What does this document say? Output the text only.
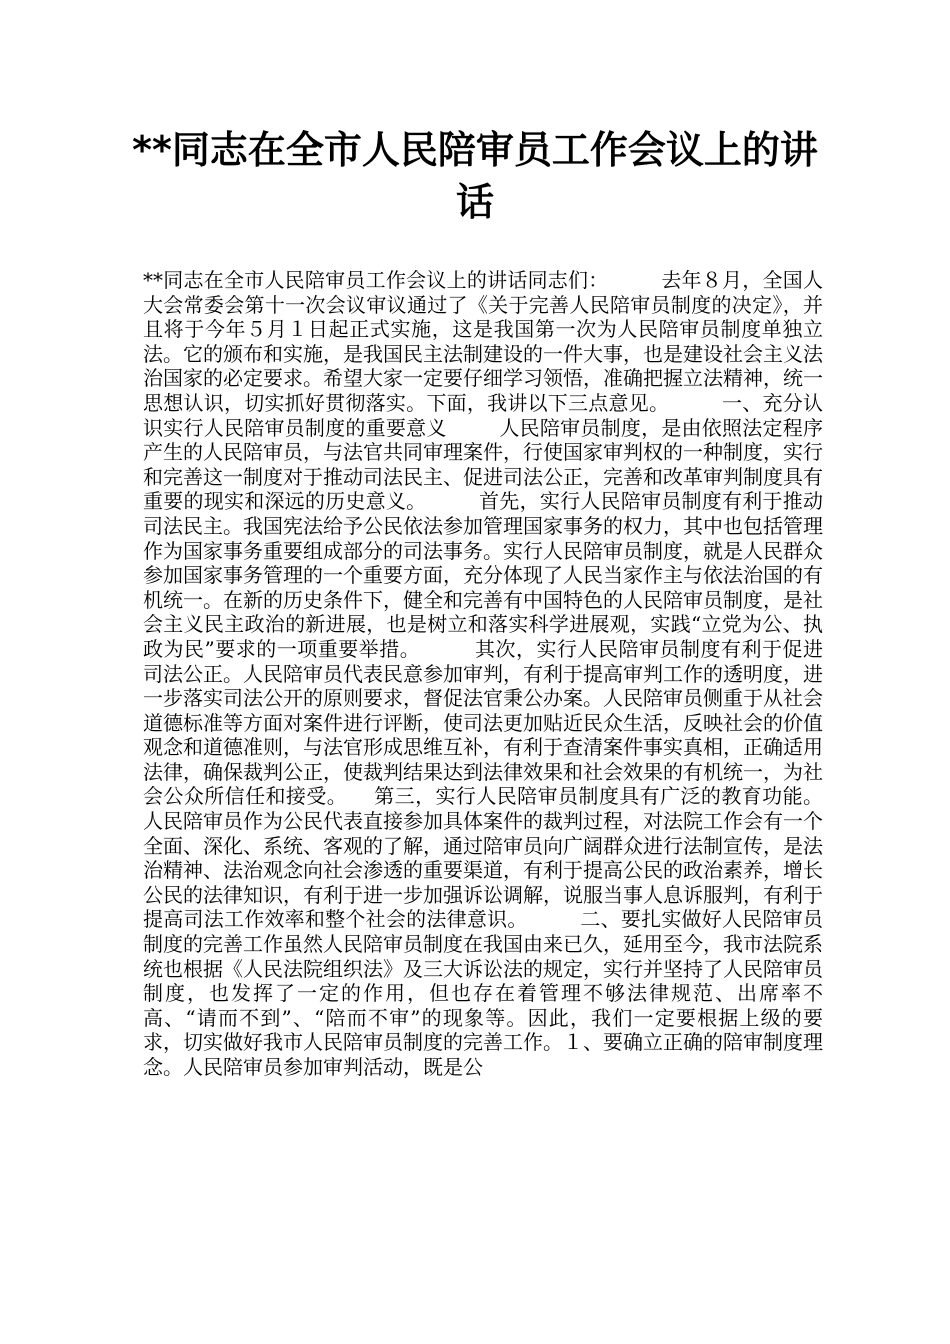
**同志在全市人民陪审员工作会议上的讲话
**同志在全市人民陪审员工作会议上的讲话同志们：        去年８月，全国人大会常委会第十一次会议审议通过了《关于完善人民陪审员制度的决定》，并且将于今年５月１日起正式实施，这是我国第一次为人民陪审员制度单独立法。它的颁布和实施，是我国民主法制建设的一件大事，也是建设社会主义法治国家的必定要求。希望大家一定要仔细学习领悟，准确把握立法精神，统一思想认识，切实抓好贯彻落实。下面，我讲以下三点意见。        一、充分认识实行人民陪审员制度的重要意义        人民陪审员制度，是由依照法定程序产生的人民陪审员，与法官共同审理案件，行使国家审判权的一种制度，实行和完善这一制度对于推动司法民主、促进司法公正，完善和改革审判制度具有重要的现实和深远的历史意义。        首先，实行人民陪审员制度有利于推动司法民主。我国宪法给予公民依法参加管理国家事务的权力，其中也包括管理作为国家事务重要组成部分的司法事务。实行人民陪审员制度，就是人民群众参加国家事务管理的一个重要方面，充分体现了人民当家作主与依法治国的有机统一。在新的历史条件下，健全和完善有中国特色的人民陪审员制度，是社会主义民主政治的新进展，也是树立和落实科学进展观，实践“立党为公、执政为民”要求的一项重要举措。        其次，实行人民陪审员制度有利于促进司法公正。人民陪审员代表民意参加审判，有利于提高审判工作的透明度，进一步落实司法公开的原则要求，督促法官秉公办案。人民陪审员侧重于从社会道德标准等方面对案件进行评断，使司法更加贴近民众生活，反映社会的价值观念和道德准则，与法官形成思维互补，有利于查清案件事实真相，正确适用法律，确保裁判公正，使裁判结果达到法律效果和社会效果的有机统一，为社会公众所信任和接受。    第三，实行人民陪审员制度具有广泛的教育功能。人民陪审员作为公民代表直接参加具体案件的裁判过程，对法院工作会有一个全面、深化、系统、客观的了解，通过陪审员向广阔群众进行法制宣传，是法治精神、法治观念向社会渗透的重要渠道，有利于提高公民的政治素养，增长公民的法律知识，有利于进一步加强诉讼调解，说服当事人息诉服判，有利于提高司法工作效率和整个社会的法律意识。        二、要扎实做好人民陪审员制度的完善工作虽然人民陪审员制度在我国由来已久，延用至今，我市法院系统也根据《人民法院组织法》及三大诉讼法的规定，实行并坚持了人民陪审员制度，也发挥了一定的作用，但也存在着管理不够法律规范、出席率不高、“请而不到”、“陪而不审”的现象等。因此，我们一定要根据上级的要求，切实做好我市人民陪审员制度的完善工作。１、要确立正确的陪审制度理念。人民陪审员参加审判活动，既是公
